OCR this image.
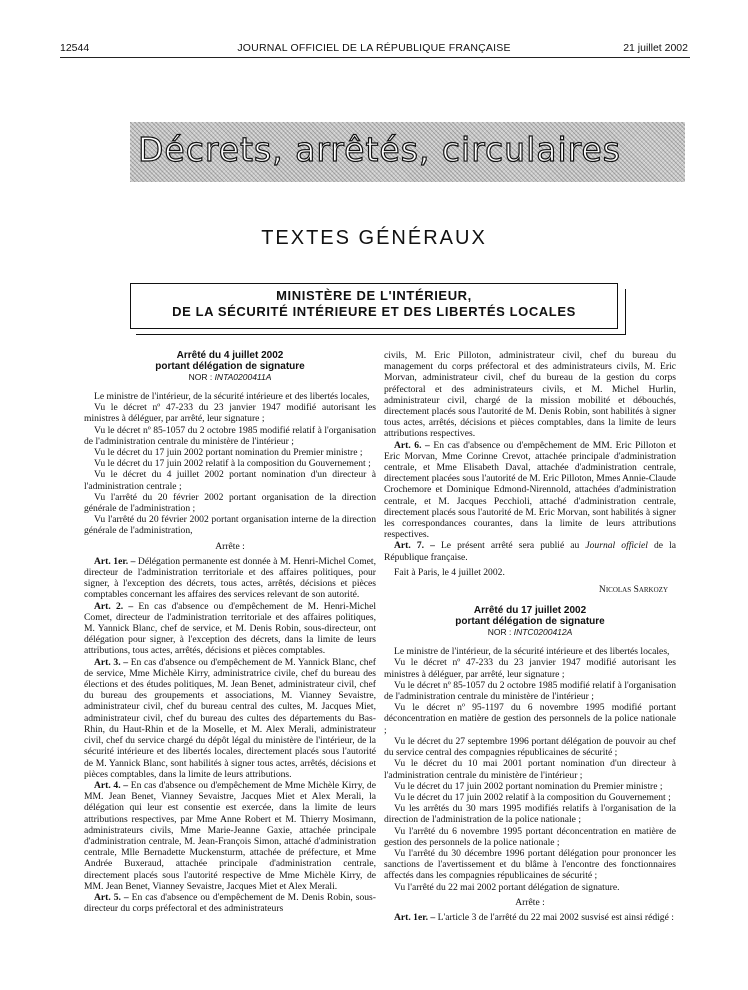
12544	JOURNAL OFFICIEL DE LA RÉPUBLIQUE FRANÇAISE	21 juillet 2002
Décrets, arrêtés, circulaires
TEXTES GÉNÉRAUX
MINISTÈRE DE L'INTÉRIEUR,
DE LA SÉCURITÉ INTÉRIEURE ET DES LIBERTÉS LOCALES
Arrêté du 4 juillet 2002
portant délégation de signature
NOR : INTA0200411A

Le ministre de l'intérieur, de la sécurité intérieure et des libertés locales,

Vu le décret nº 47-233 du 23 janvier 1947 modifié autorisant les ministres à déléguer, par arrêté, leur signature ;

Vu le décret nº 85-1057 du 2 octobre 1985 modifié relatif à l'organisation de l'administration centrale du ministère de l'intérieur ;

Vu le décret du 17 juin 2002 portant nomination du Premier ministre ;

Vu le décret du 17 juin 2002 relatif à la composition du Gouvernement ;

Vu le décret du 4 juillet 2002 portant nomination d'un directeur à l'administration centrale ;

Vu l'arrêté du 20 février 2002 portant organisation de la direction générale de l'administration ;

Vu l'arrêté du 20 février 2002 portant organisation interne de la direction générale de l'administration,

Arrête :

Art. 1er. – Délégation permanente est donnée à M. Henri-Michel Comet, directeur de l'administration territoriale et des affaires politiques, pour signer, à l'exception des décrets, tous actes, arrêtés, décisions et pièces comptables concernant les affaires des services relevant de son autorité.

Art. 2. – En cas d'absence ou d'empêchement de M. Henri-Michel Comet, directeur de l'administration territoriale et des affaires politiques, M. Yannick Blanc, chef de service, et M. Denis Robin, sous-directeur, ont délégation pour signer, à l'exception des décrets, dans la limite de leurs attributions, tous actes, arrêtés, décisions et pièces comptables.

Art. 3. – En cas d'absence ou d'empêchement de M. Yannick Blanc, chef de service, Mme Michèle Kirry, administratrice civile, chef du bureau des élections et des études politiques, M. Jean Benet, administrateur civil, chef du bureau des groupements et associations, M. Vianney Sevaistre, administrateur civil, chef du bureau central des cultes, M. Jacques Miet, administrateur civil, chef du bureau des cultes des départements du Bas-Rhin, du Haut-Rhin et de la Moselle, et M. Alex Merali, administrateur civil, chef du service chargé du dépôt légal du ministère de l'intérieur, de la sécurité intérieure et des libertés locales, directement placés sous l'autorité de M. Yannick Blanc, sont habilités à signer tous actes, arrêtés, décisions et pièces comptables, dans la limite de leurs attributions.

Art. 4. – En cas d'absence ou d'empêchement de Mme Michèle Kirry, de MM. Jean Benet, Vianney Sevaistre, Jacques Miet et Alex Merali, la délégation qui leur est consentie est exercée, dans la limite de leurs attributions respectives, par Mme Anne Robert et M. Thierry Mosimann, administrateurs civils, Mme Marie-Jeanne Gaxie, attachée principale d'administration centrale, M. Jean-François Simon, attaché d'administration centrale, Mlle Bernadette Muckensturm, attachée de préfecture, et Mme Andrée Buxeraud, attachée principale d'administration centrale, directement placés sous l'autorité respective de Mme Michèle Kirry, de MM. Jean Benet, Vianney Sevaistre, Jacques Miet et Alex Merali.

Art. 5. – En cas d'absence ou d'empêchement de M. Denis Robin, sous-directeur du corps préfectoral et des administrateurs

civils, M. Eric Pilloton, administrateur civil, chef du bureau du management du corps préfectoral et des administrateurs civils, M. Eric Morvan, administrateur civil, chef du bureau de la gestion du corps préfectoral et des administrateurs civils, et M. Michel Hurlin, administrateur civil, chargé de la mission mobilité et débouchés, directement placés sous l'autorité de M. Denis Robin, sont habilités à signer tous actes, arrêtés, décisions et pièces comptables, dans la limite de leurs attributions respectives.

Art. 6. – En cas d'absence ou d'empêchement de MM. Eric Pilloton et Eric Morvan, Mme Corinne Crevot, attachée principale d'administration centrale, et Mme Elisabeth Daval, attachée d'administration centrale, directement placées sous l'autorité de M. Eric Pilloton, Mmes Annie-Claude Crochemore et Dominique Edmond-Nirennold, attachées d'administration centrale, et M. Jacques Pecchioli, attaché d'administration centrale, directement placés sous l'autorité de M. Eric Morvan, sont habilités à signer les correspondances courantes, dans la limite de leurs attributions respectives.

Art. 7. – Le présent arrêté sera publié au Journal officiel de la République française.

Fait à Paris, le 4 juillet 2002.

Nicolas Sarkozy

Arrêté du 17 juillet 2002
portant délégation de signature
NOR : INTC0200412A

Le ministre de l'intérieur, de la sécurité intérieure et des libertés locales,

Vu le décret nº 47-233 du 23 janvier 1947 modifié autorisant les ministres à déléguer, par arrêté, leur signature ;

Vu le décret nº 85-1057 du 2 octobre 1985 modifié relatif à l'organisation de l'administration centrale du ministère de l'intérieur ;

Vu le décret nº 95-1197 du 6 novembre 1995 modifié portant déconcentration en matière de gestion des personnels de la police nationale ;

Vu le décret du 27 septembre 1996 portant délégation de pouvoir au chef du service central des compagnies républicaines de sécurité ;

Vu le décret du 10 mai 2001 portant nomination d'un directeur à l'administration centrale du ministère de l'intérieur ;

Vu le décret du 17 juin 2002 portant nomination du Premier ministre ;

Vu le décret du 17 juin 2002 relatif à la composition du Gouvernement ;

Vu les arrêtés du 30 mars 1995 modifiés relatifs à l'organisation de la direction de l'administration de la police nationale ;

Vu l'arrêté du 6 novembre 1995 portant déconcentration en matière de gestion des personnels de la police nationale ;

Vu l'arrêté du 30 décembre 1996 portant délégation pour prononcer les sanctions de l'avertissement et du blâme à l'encontre des fonctionnaires affectés dans les compagnies républicaines de sécurité ;

Vu l'arrêté du 22 mai 2002 portant délégation de signature.

Arrête :

Art. 1er. – L'article 3 de l'arrêté du 22 mai 2002 susvisé est ainsi rédigé :
